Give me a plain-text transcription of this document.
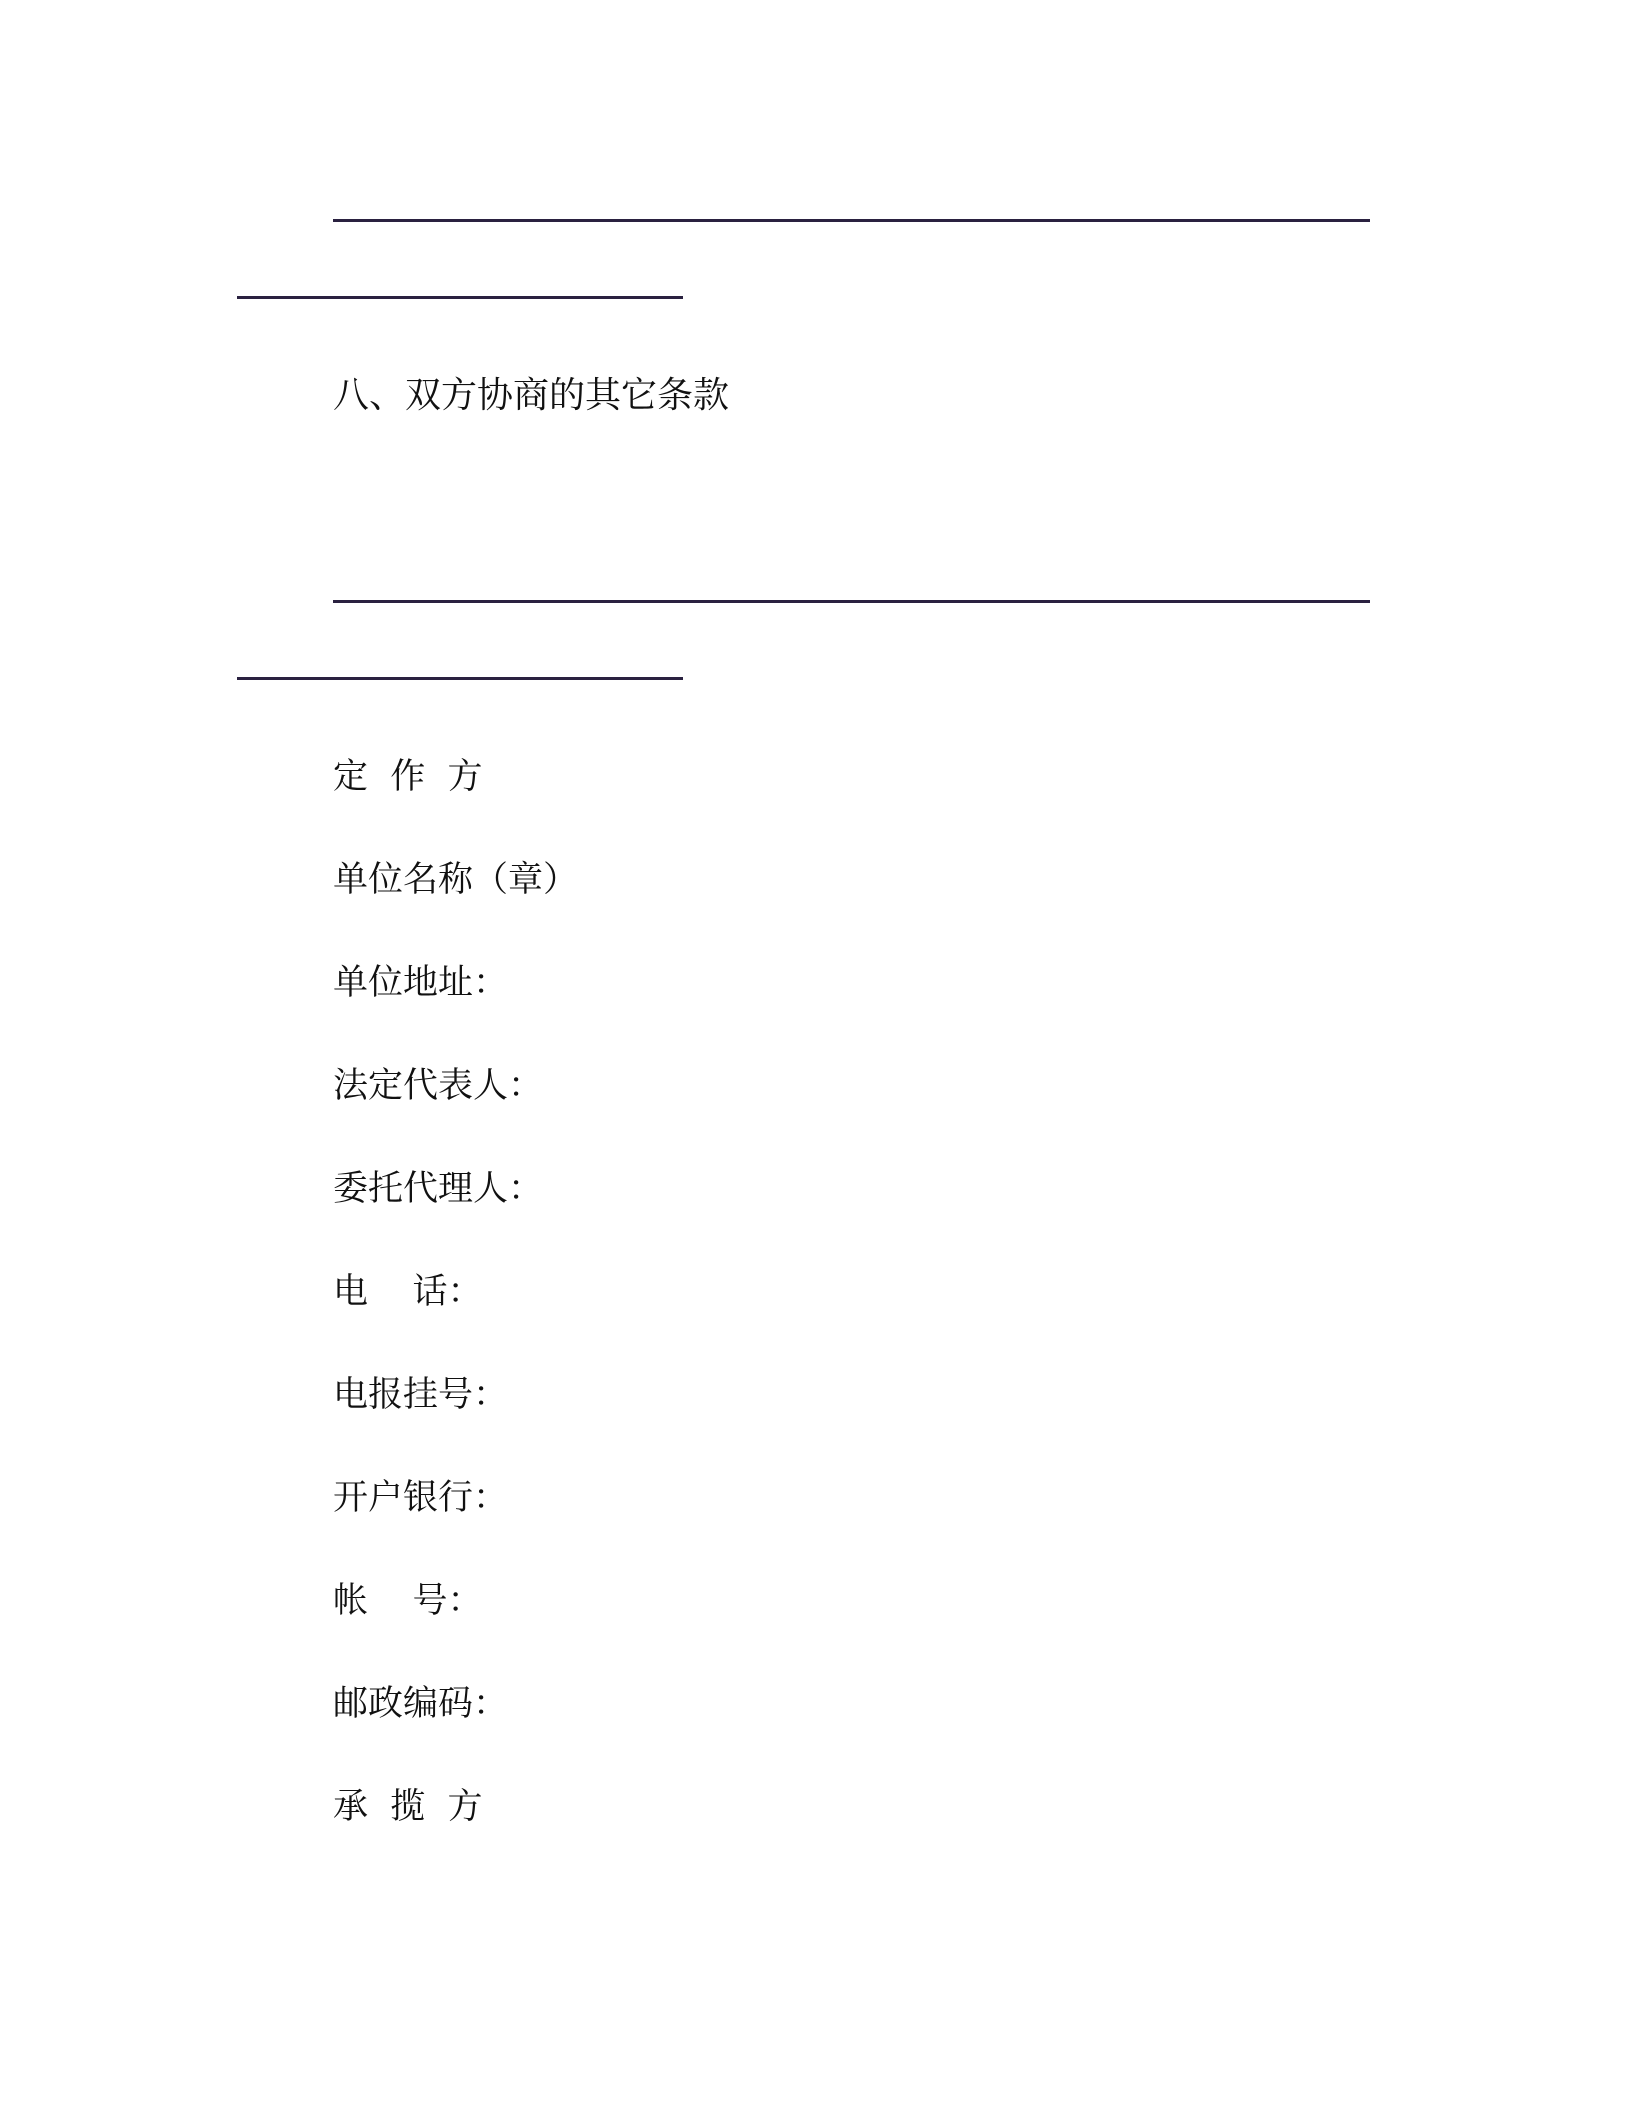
八、双方协商的其它条款
定  作  方
单位名称（章）
单位地址：
法定代表人：
委托代理人：
电    话：
电报挂号：
开户银行：
帐    号：
邮政编码：
承  揽  方
